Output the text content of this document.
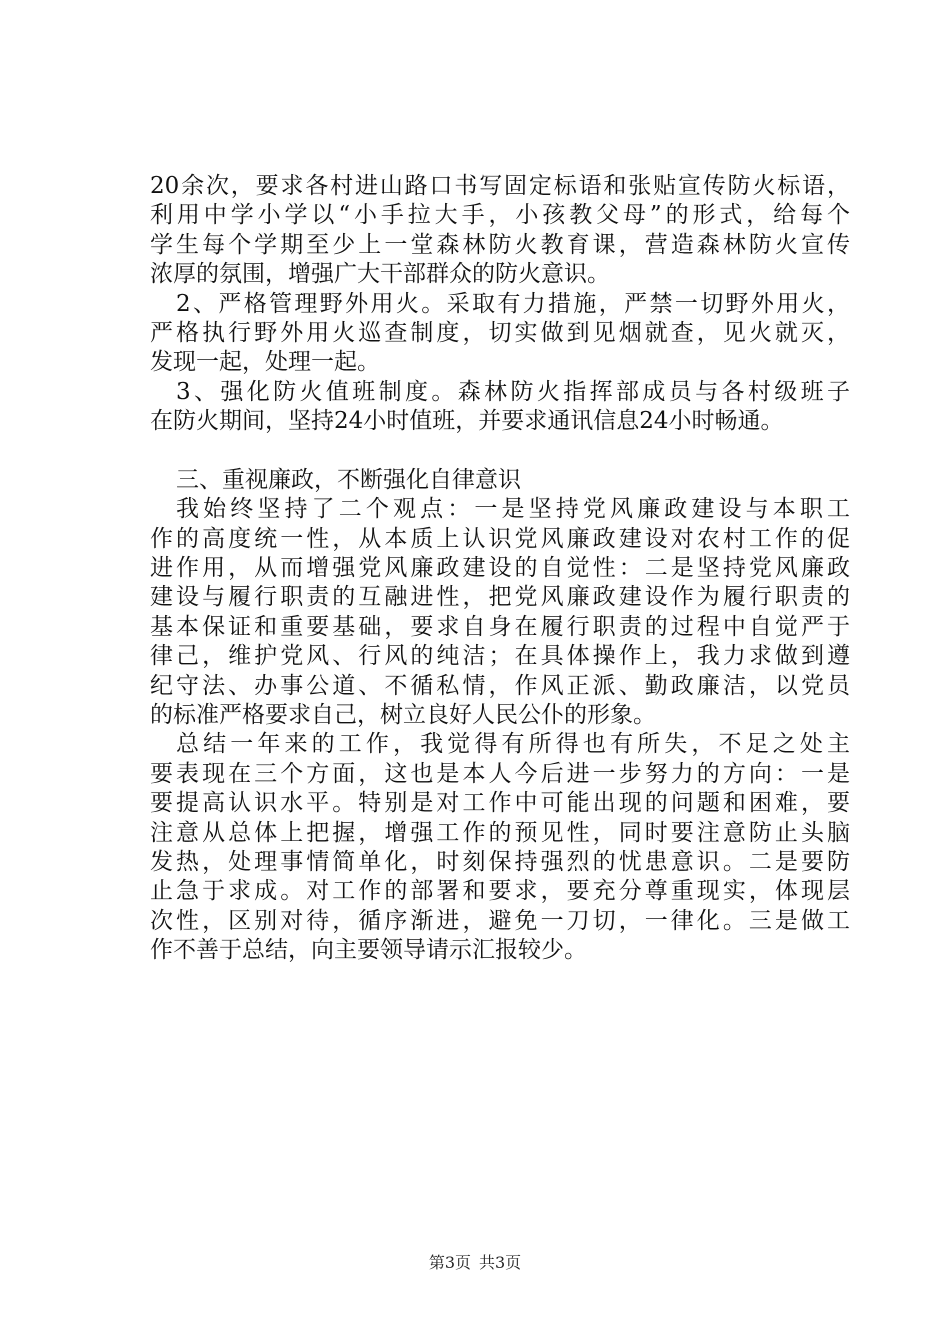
20余次，要求各村进山路口书写固定标语和张贴宣传防火标语，
利用中学小学以“小手拉大手，小孩教父母”的形式，给每个
学生每个学期至少上一堂森林防火教育课，营造森林防火宣传
浓厚的氛围，增强广大干部群众的防火意识。
2、严格管理野外用火。采取有力措施，严禁一切野外用火，
严格执行野外用火巡查制度，切实做到见烟就查，见火就灭，
发现一起，处理一起。
3、强化防火值班制度。森林防火指挥部成员与各村级班子
在防火期间，坚持24小时值班，并要求通讯信息24小时畅通。
三、重视廉政，不断强化自律意识
我始终坚持了二个观点：一是坚持党风廉政建设与本职工
作的高度统一性，从本质上认识党风廉政建设对农村工作的促
进作用，从而增强党风廉政建设的自觉性：二是坚持党风廉政
建设与履行职责的互融进性，把党风廉政建设作为履行职责的
基本保证和重要基础，要求自身在履行职责的过程中自觉严于
律己，维护党风、行风的纯洁；在具体操作上，我力求做到遵
纪守法、办事公道、不循私情，作风正派、勤政廉洁，以党员
的标准严格要求自己，树立良好人民公仆的形象。
总结一年来的工作，我觉得有所得也有所失，不足之处主
要表现在三个方面，这也是本人今后进一步努力的方向：一是
要提高认识水平。特别是对工作中可能出现的问题和困难，要
注意从总体上把握，增强工作的预见性，同时要注意防止头脑
发热，处理事情简单化，时刻保持强烈的忧患意识。二是要防
止急于求成。对工作的部署和要求，要充分尊重现实，体现层
次性，区别对待，循序渐进，避免一刀切，一律化。三是做工
作不善于总结，向主要领导请示汇报较少。
第3页 共3页
